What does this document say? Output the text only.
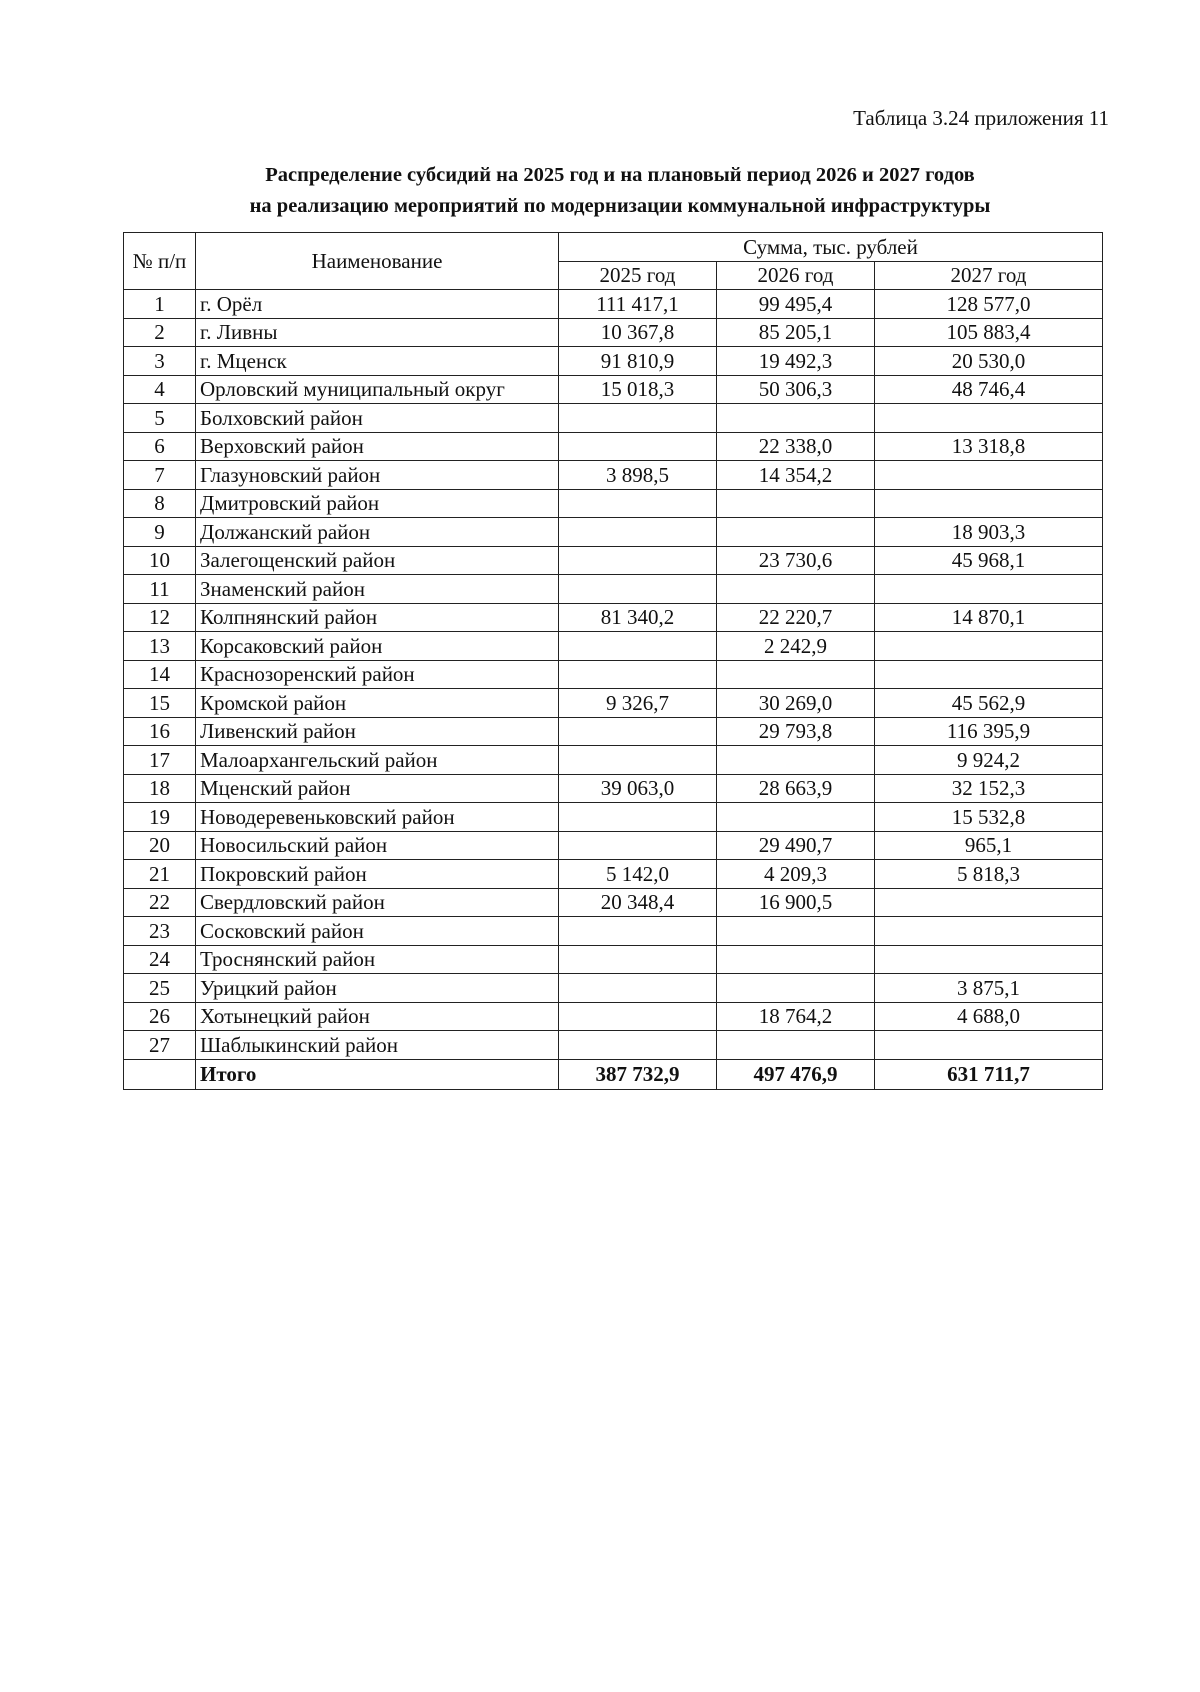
Таблица 3.24 приложения 11
Распределение субсидий на 2025 год и на плановый период 2026 и 2027 годов
на реализацию мероприятий по модернизации коммунальной инфраструктуры
№ п/п	Наименование	Сумма, тыс. рублей		
		2025 год	2026 год	2027 год
1	г. Орёл	111 417,1	99 495,4	128 577,0
2	г. Ливны	10 367,8	85 205,1	105 883,4
3	г. Мценск	91 810,9	19 492,3	20 530,0
4	Орловский муниципальный округ	15 018,3	50 306,3	48 746,4
5	Болховский район			
6	Верховский район		22 338,0	13 318,8
7	Глазуновский район	3 898,5	14 354,2	
8	Дмитровский район			
9	Должанский район			18 903,3
10	Залегощенский район		23 730,6	45 968,1
11	Знаменский район			
12	Колпнянский район	81 340,2	22 220,7	14 870,1
13	Корсаковский район		2 242,9	
14	Краснозоренский район			
15	Кромской район	9 326,7	30 269,0	45 562,9
16	Ливенский район		29 793,8	116 395,9
17	Малоархангельский район			9 924,2
18	Мценский район	39 063,0	28 663,9	32 152,3
19	Новодеревеньковский район			15 532,8
20	Новосильский район		29 490,7	965,1
21	Покровский район	5 142,0	4 209,3	5 818,3
22	Свердловский район	20 348,4	16 900,5	
23	Сосковский район			
24	Троснянский район			
25	Урицкий район			3 875,1
26	Хотынецкий район		18 764,2	4 688,0
27	Шаблыкинский район			
	Итого	387 732,9	497 476,9	631 711,7
